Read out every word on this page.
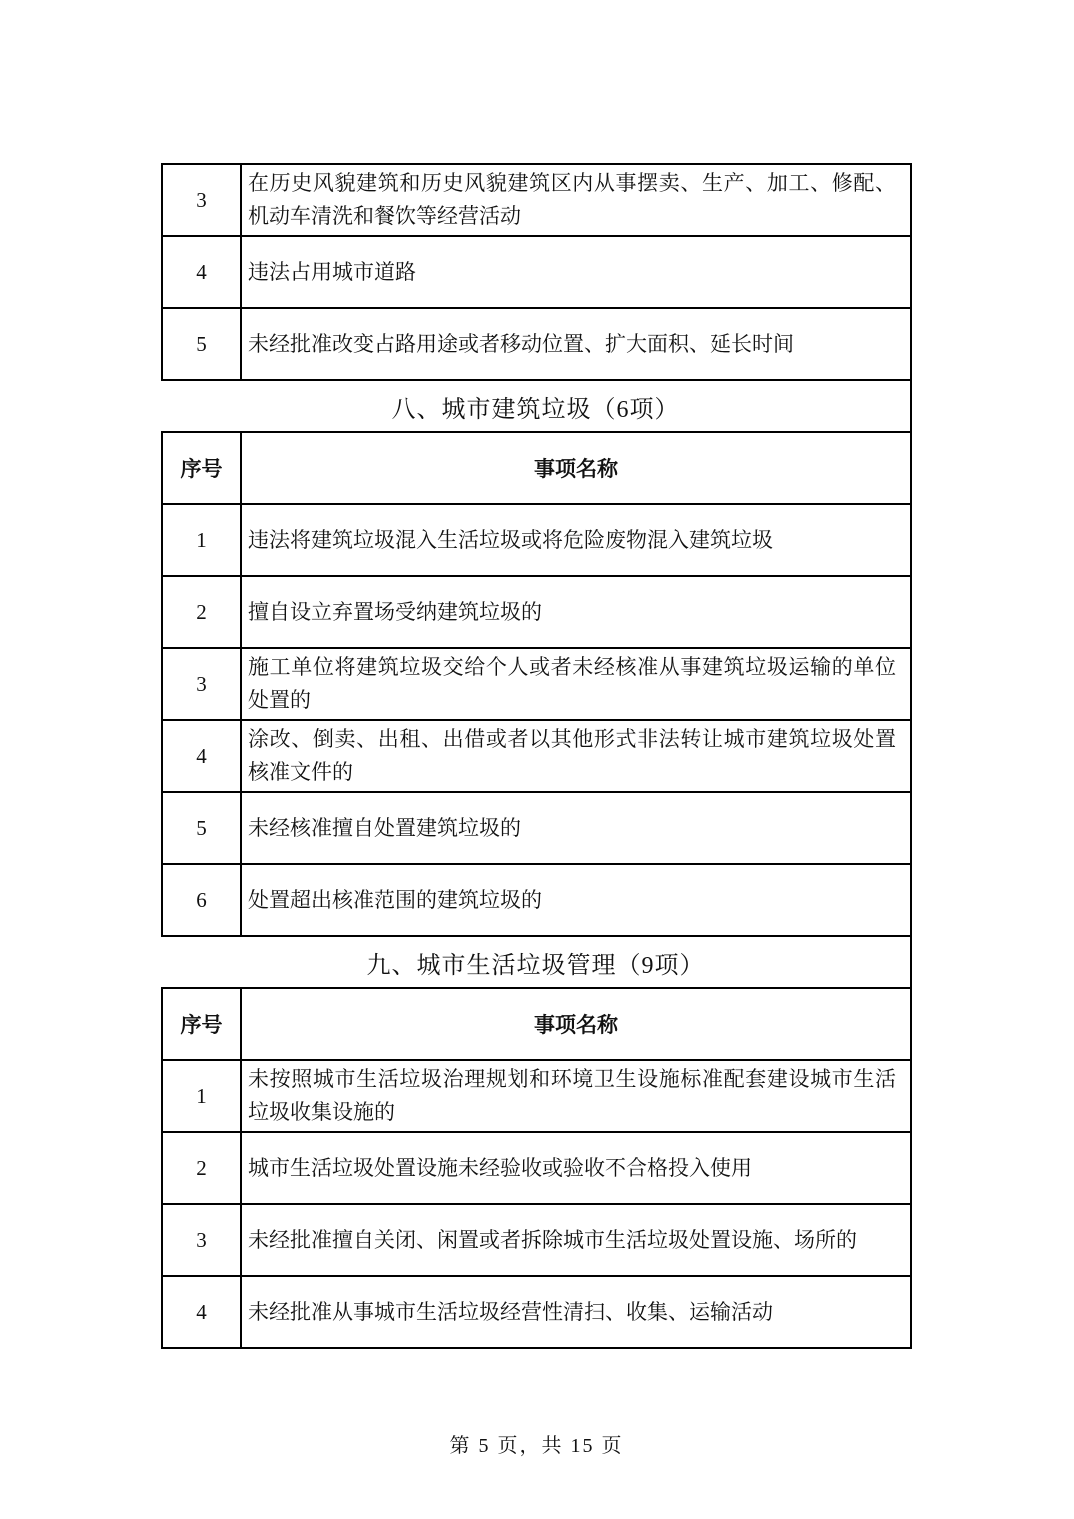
3	在历史风貌建筑和历史风貌建筑区内从事摆卖、生产、加工、修配、机动车清洗和餐饮等经营活动
4	违法占用城市道路
5	未经批准改变占路用途或者移动位置、扩大面积、延长时间
八、城市建筑垃圾（6项）
序号	事项名称
1	违法将建筑垃圾混入生活垃圾或将危险废物混入建筑垃圾
2	擅自设立弃置场受纳建筑垃圾的
3	施工单位将建筑垃圾交给个人或者未经核准从事建筑垃圾运输的单位处置的
4	涂改、倒卖、出租、出借或者以其他形式非法转让城市建筑垃圾处置核准文件的
5	未经核准擅自处置建筑垃圾的
6	处置超出核准范围的建筑垃圾的
九、城市生活垃圾管理（9项）
序号	事项名称
1	未按照城市生活垃圾治理规划和环境卫生设施标准配套建设城市生活垃圾收集设施的
2	城市生活垃圾处置设施未经验收或验收不合格投入使用
3	未经批准擅自关闭、闲置或者拆除城市生活垃圾处置设施、场所的
4	未经批准从事城市生活垃圾经营性清扫、收集、运输活动
第 5 页，共 15 页
